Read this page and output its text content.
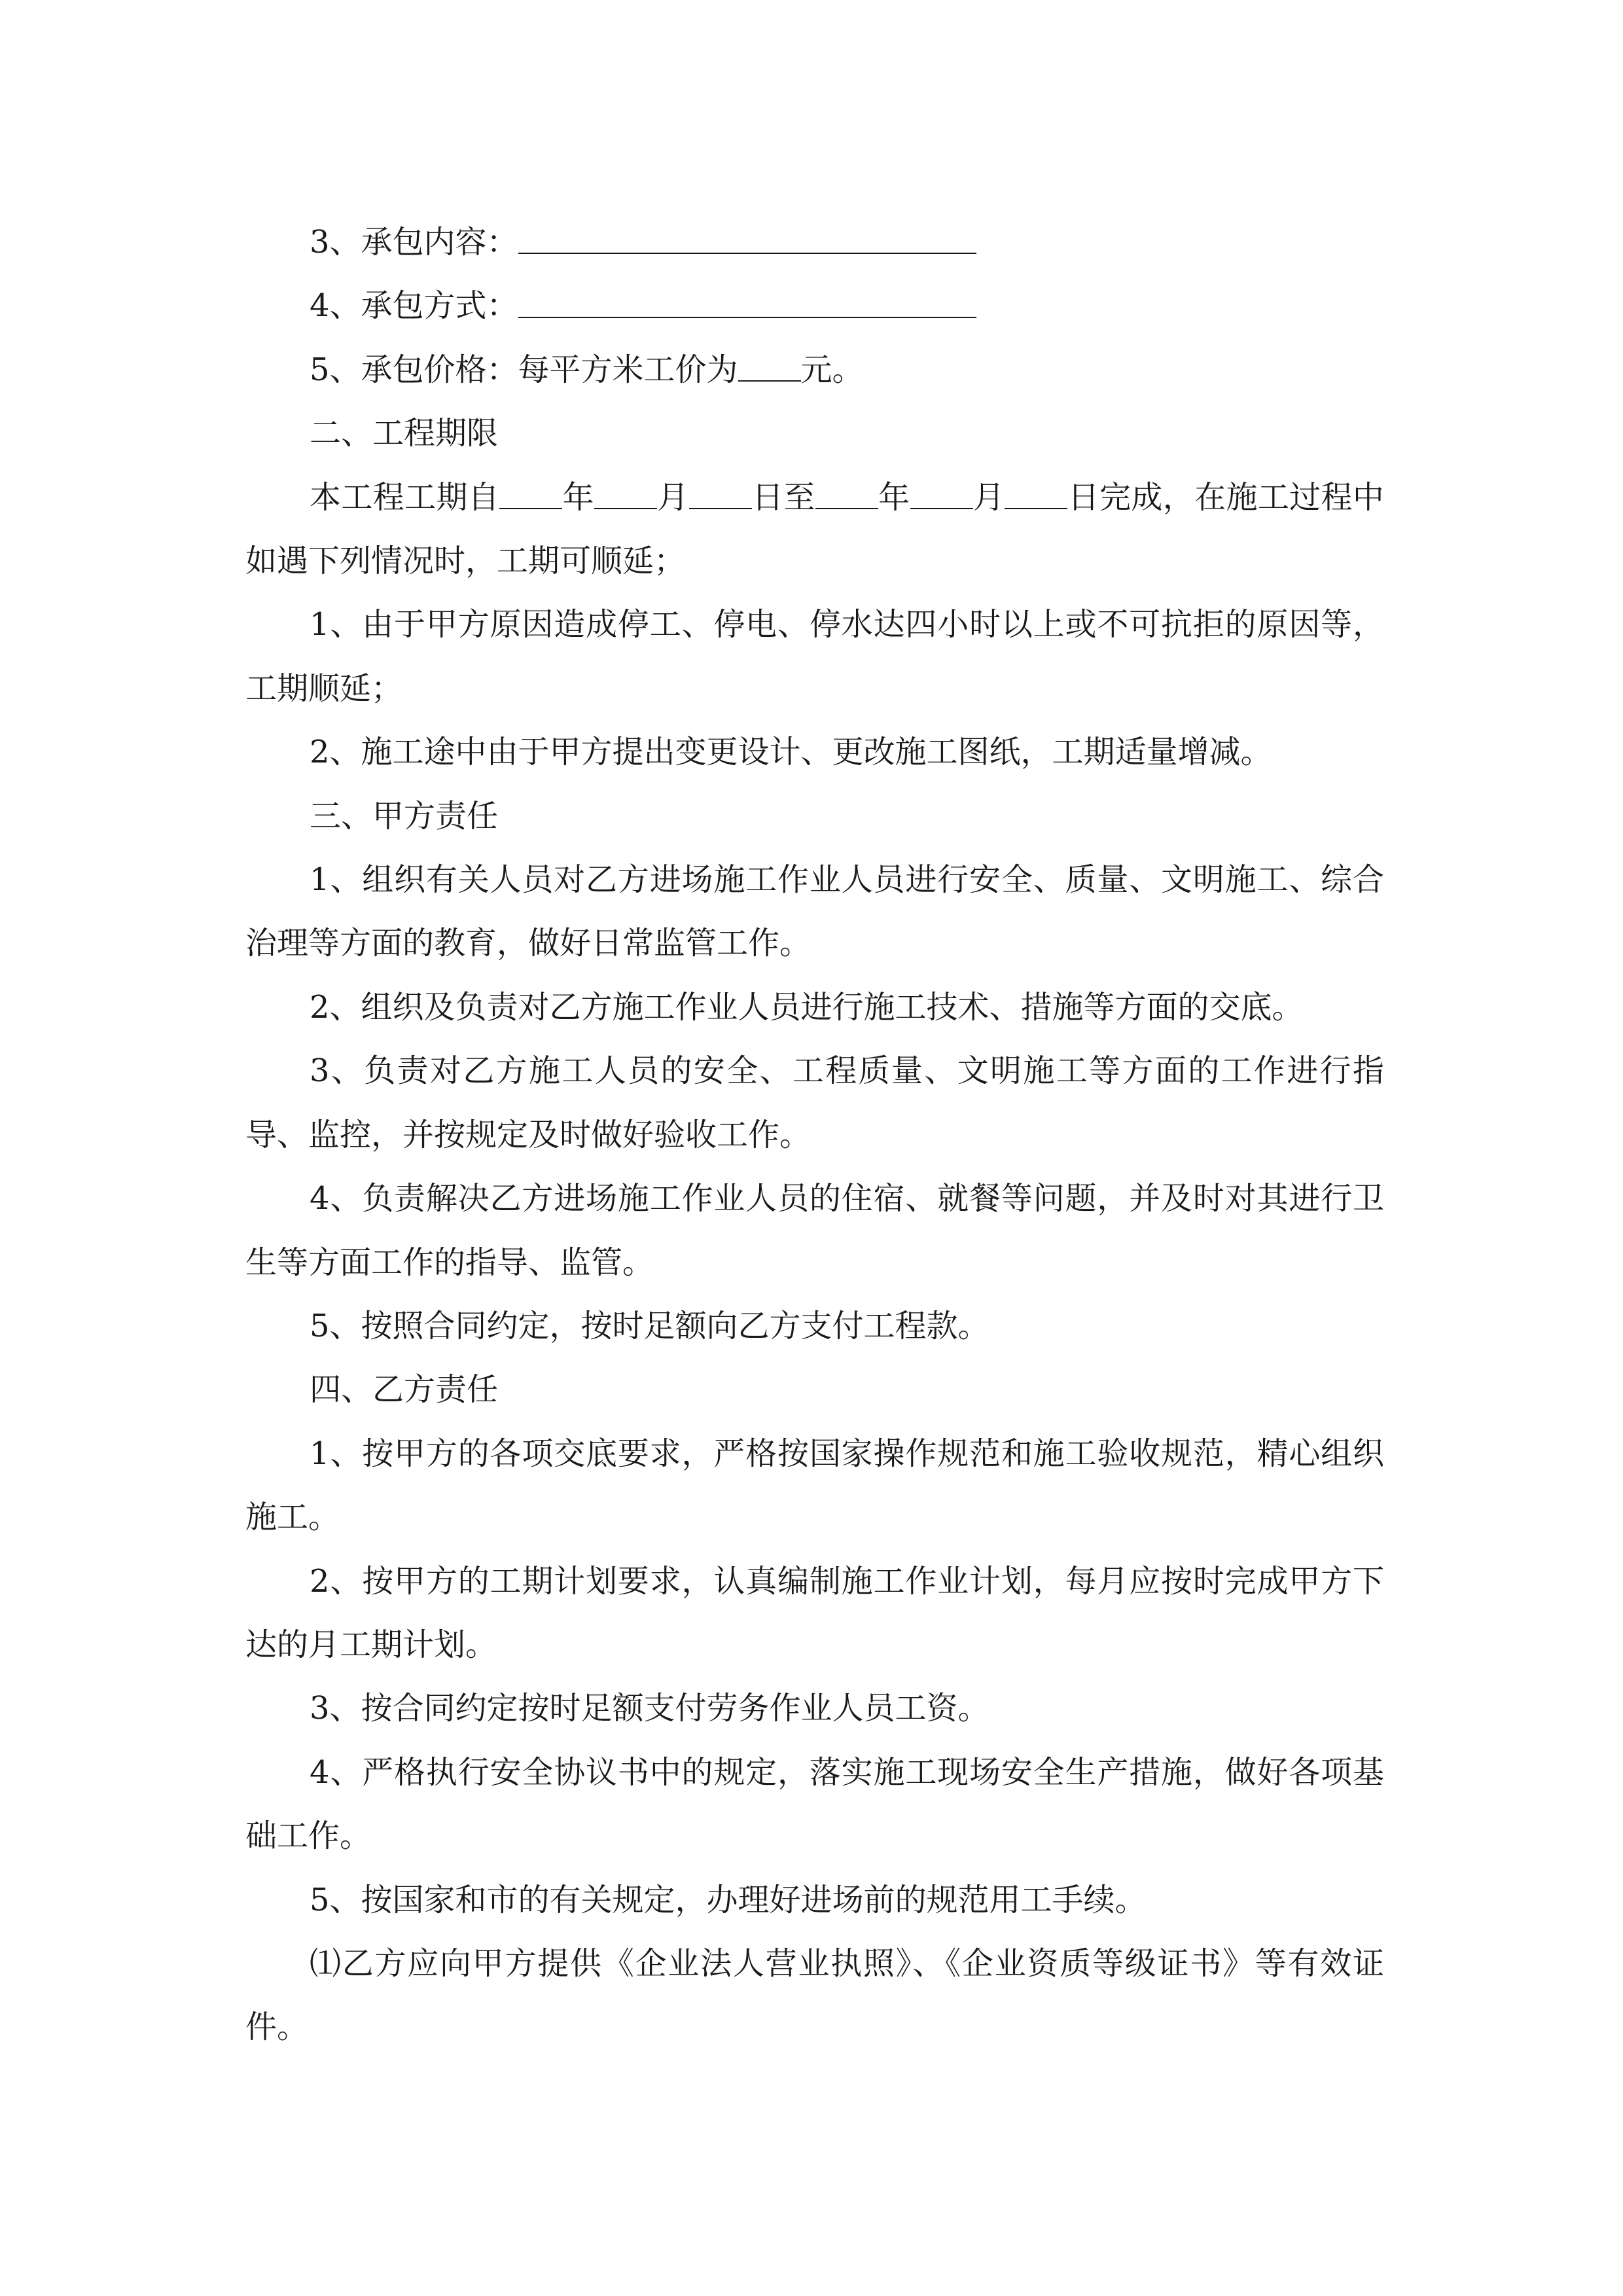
3、承包内容：

4、承包方式：

5、承包价格：每平方米工价为 元。

二、工程期限

本工程工期自 年 月 日至 年 月 日完成，在施工过程中如遇下列情况时，工期可顺延；

1、由于甲方原因造成停工、停电、停水达四小时以上或不可抗拒的原因等，工期顺延；

2、施工途中由于甲方提出变更设计、更改施工图纸，工期适量增减。

三、甲方责任

1、组织有关人员对乙方进场施工作业人员进行安全、质量、文明施工、综合治理等方面的教育，做好日常监管工作。

2、组织及负责对乙方施工作业人员进行施工技术、措施等方面的交底。

3、负责对乙方施工人员的安全、工程质量、文明施工等方面的工作进行指导、监控，并按规定及时做好验收工作。

4、负责解决乙方进场施工作业人员的住宿、就餐等问题，并及时对其进行卫生等方面工作的指导、监管。

5、按照合同约定，按时足额向乙方支付工程款。

四、乙方责任

1、按甲方的各项交底要求，严格按国家操作规范和施工验收规范，精心组织施工。

2、按甲方的工期计划要求，认真编制施工作业计划，每月应按时完成甲方下达的月工期计划。

3、按合同约定按时足额支付劳务作业人员工资。

4、严格执行安全协议书中的规定，落实施工现场安全生产措施，做好各项基础工作。

5、按国家和市的有关规定，办理好进场前的规范用工手续。

⑴乙方应向甲方提供《企业法人营业执照》、《企业资质等级证书》等有效证件。
